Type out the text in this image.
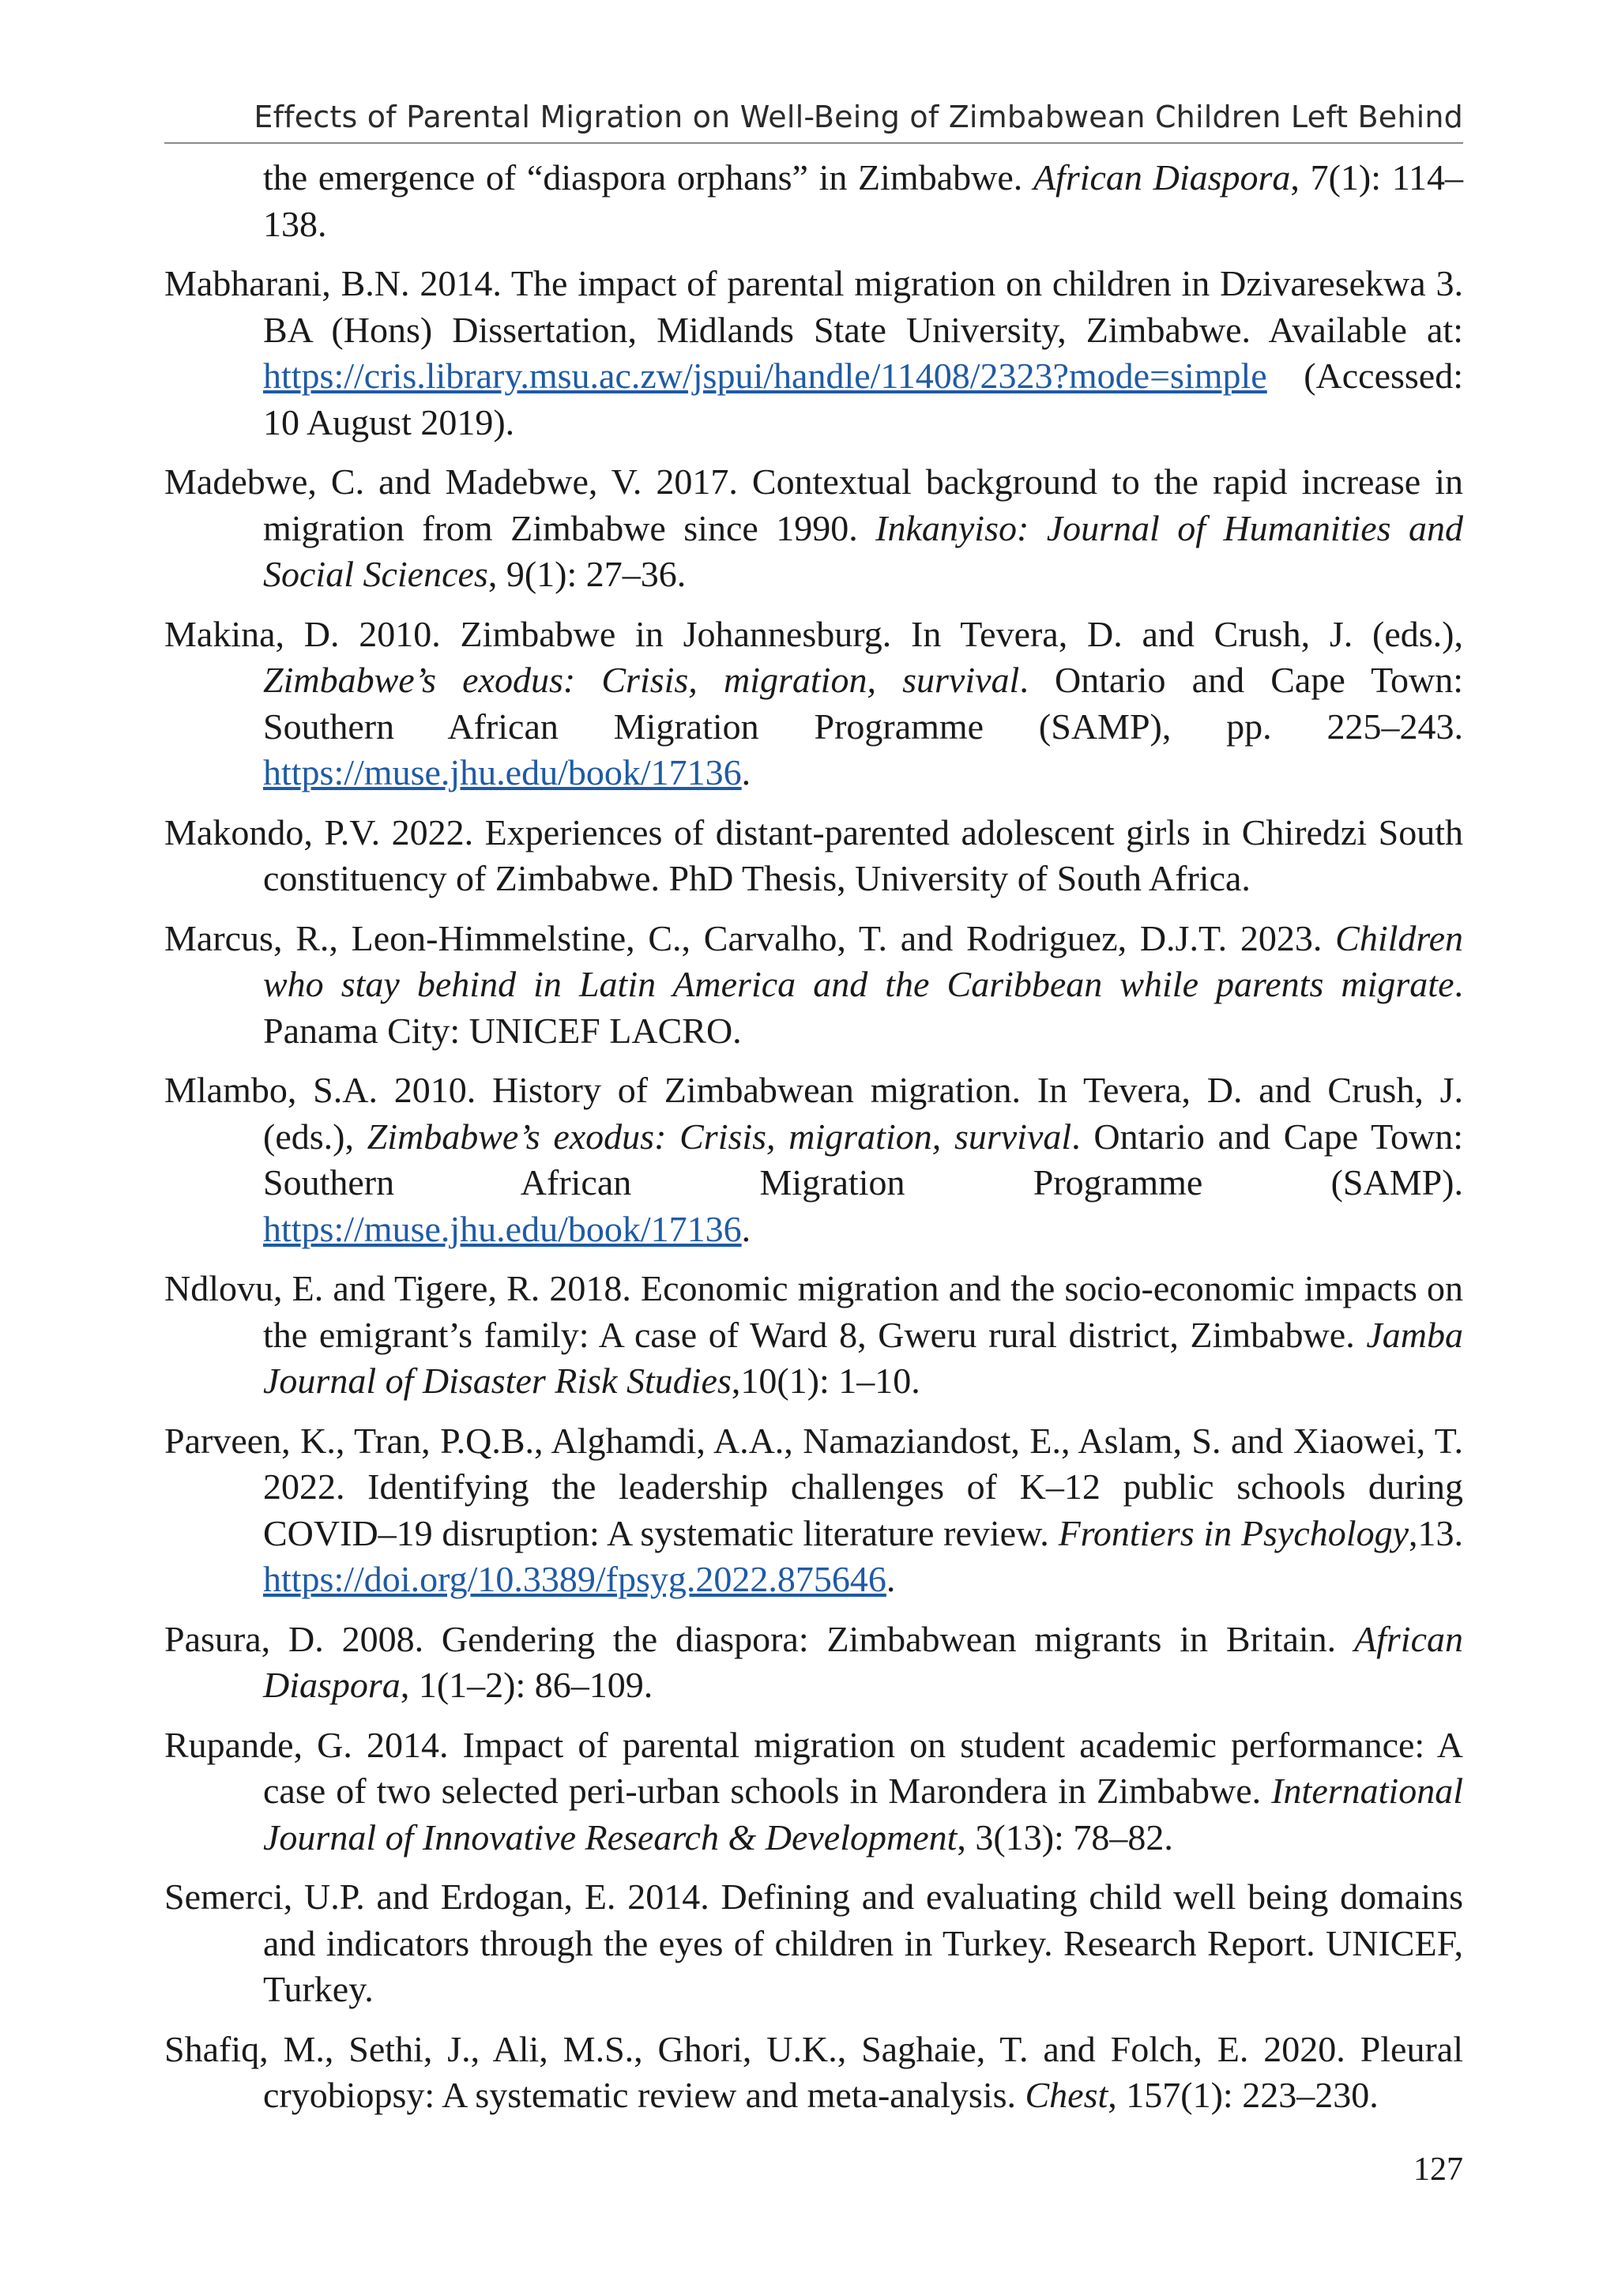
Effects of Parental Migration on Well-Being of Zimbabwean Children Left Behind

the emergence of “diaspora orphans” in Zimbabwe. African Diaspora, 7(1): 114–138.

Mabharani, B.N. 2014. The impact of parental migration on children in Dzivaresekwa 3. BA (Hons) Dissertation, Midlands State University, Zimbabwe. Available at: https://cris.library.msu.ac.zw/jspui/handle/11408/2323?mode=simple (Accessed: 10 August 2019).

Madebwe, C. and Madebwe, V. 2017. Contextual background to the rapid increase in migration from Zimbabwe since 1990. Inkanyiso: Journal of Humanities and Social Sciences, 9(1): 27–36.

Makina, D. 2010. Zimbabwe in Johannesburg. In Tevera, D. and Crush, J. (eds.), Zimbabwe’s exodus: Crisis, migration, survival. Ontario and Cape Town: Southern African Migration Programme (SAMP), pp. 225–243. https://muse.jhu.edu/book/17136.

Makondo, P.V. 2022. Experiences of distant-parented adolescent girls in Chiredzi South constituency of Zimbabwe. PhD Thesis, University of South Africa.

Marcus, R., Leon-Himmelstine, C., Carvalho, T. and Rodriguez, D.J.T. 2023. Children who stay behind in Latin America and the Caribbean while parents migrate. Panama City: UNICEF LACRO.

Mlambo, S.A. 2010. History of Zimbabwean migration. In Tevera, D. and Crush, J. (eds.), Zimbabwe’s exodus: Crisis, migration, survival. Ontario and Cape Town: Southern African Migration Programme (SAMP). https://muse.jhu.edu/book/17136.

Ndlovu, E. and Tigere, R. 2018. Economic migration and the socio-economic impacts on the emigrant’s family: A case of Ward 8, Gweru rural district, Zimbabwe. Jamba Journal of Disaster Risk Studies,10(1): 1–10.

Parveen, K., Tran, P.Q.B., Alghamdi, A.A., Namaziandost, E., Aslam, S. and Xiaowei, T. 2022. Identifying the leadership challenges of K–12 public schools during COVID–19 disruption: A systematic literature review. Frontiers in Psychology,13. https://doi.org/10.3389/fpsyg.2022.875646.

Pasura, D. 2008. Gendering the diaspora: Zimbabwean migrants in Britain. African Diaspora, 1(1–2): 86–109.

Rupande, G. 2014. Impact of parental migration on student academic performance: A case of two selected peri-urban schools in Marondera in Zimbabwe. International Journal of Innovative Research & Development, 3(13): 78–82.

Semerci, U.P. and Erdogan, E. 2014. Defining and evaluating child well being domains and indicators through the eyes of children in Turkey. Research Report. UNICEF, Turkey.

Shafiq, M., Sethi, J., Ali, M.S., Ghori, U.K., Saghaie, T. and Folch, E. 2020. Pleural cryobiopsy: A systematic review and meta-analysis. Chest, 157(1): 223–230.

127
